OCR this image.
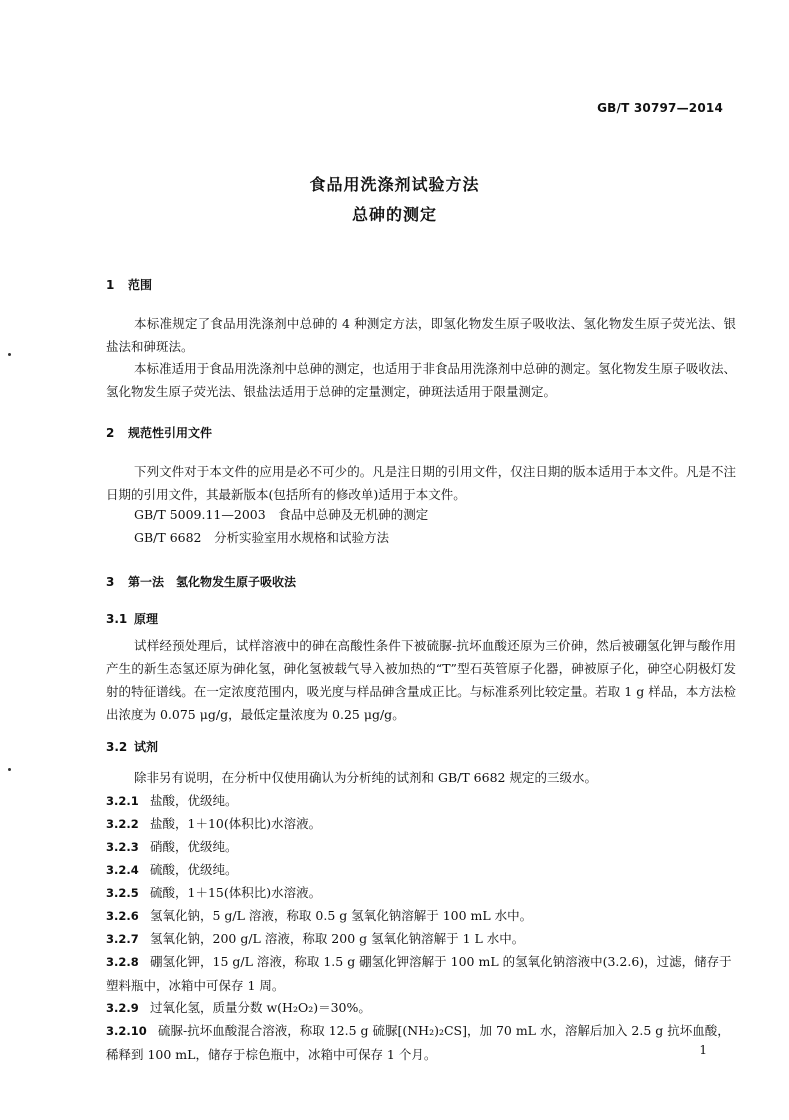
GB/T 30797—2014
食品用洗涤剂试验方法
总砷的测定
1 范围
本标准规定了食品用洗涤剂中总砷的 4 种测定方法，即氢化物发生原子吸收法、氢化物发生原子荧光法、银盐法和砷斑法。
本标准适用于食品用洗涤剂中总砷的测定，也适用于非食品用洗涤剂中总砷的测定。氢化物发生原子吸收法、氢化物发生原子荧光法、银盐法适用于总砷的定量测定，砷斑法适用于限量测定。
2 规范性引用文件
下列文件对于本文件的应用是必不可少的。凡是注日期的引用文件，仅注日期的版本适用于本文件。凡是不注日期的引用文件，其最新版本(包括所有的修改单)适用于本文件。
GB/T 5009.11—2003　食品中总砷及无机砷的测定
GB/T 6682　分析实验室用水规格和试验方法
3 第一法　氢化物发生原子吸收法
3.1 原理
试样经预处理后，试样溶液中的砷在高酸性条件下被硫脲-抗坏血酸还原为三价砷，然后被硼氢化钾与酸作用产生的新生态氢还原为砷化氢，砷化氢被载气导入被加热的“T”型石英管原子化器，砷被原子化，砷空心阴极灯发射的特征谱线。在一定浓度范围内，吸光度与样品砷含量成正比。与标准系列比较定量。若取 1 g 样品，本方法检出浓度为 0.075 μg/g，最低定量浓度为 0.25 μg/g。
3.2 试剂
除非另有说明，在分析中仅使用确认为分析纯的试剂和 GB/T 6682 规定的三级水。
3.2.1 盐酸，优级纯。
3.2.2 盐酸，1＋10(体积比)水溶液。
3.2.3 硝酸，优级纯。
3.2.4 硫酸，优级纯。
3.2.5 硫酸，1＋15(体积比)水溶液。
3.2.6 氢氧化钠，5 g/L 溶液，称取 0.5 g 氢氧化钠溶解于 100 mL 水中。
3.2.7 氢氧化钠，200 g/L 溶液，称取 200 g 氢氧化钠溶解于 1 L 水中。
3.2.8 硼氢化钾，15 g/L 溶液，称取 1.5 g 硼氢化钾溶解于 100 mL 的氢氧化钠溶液中(3.2.6)，过滤，储存于塑料瓶中，冰箱中可保存 1 周。
3.2.9 过氧化氢，质量分数 w(H₂O₂)＝30%。
3.2.10 硫脲-抗坏血酸混合溶液，称取 12.5 g 硫脲[(NH₂)₂CS]，加 70 mL 水，溶解后加入 2.5 g 抗坏血酸，稀释到 100 mL，储存于棕色瓶中，冰箱中可保存 1 个月。	1
